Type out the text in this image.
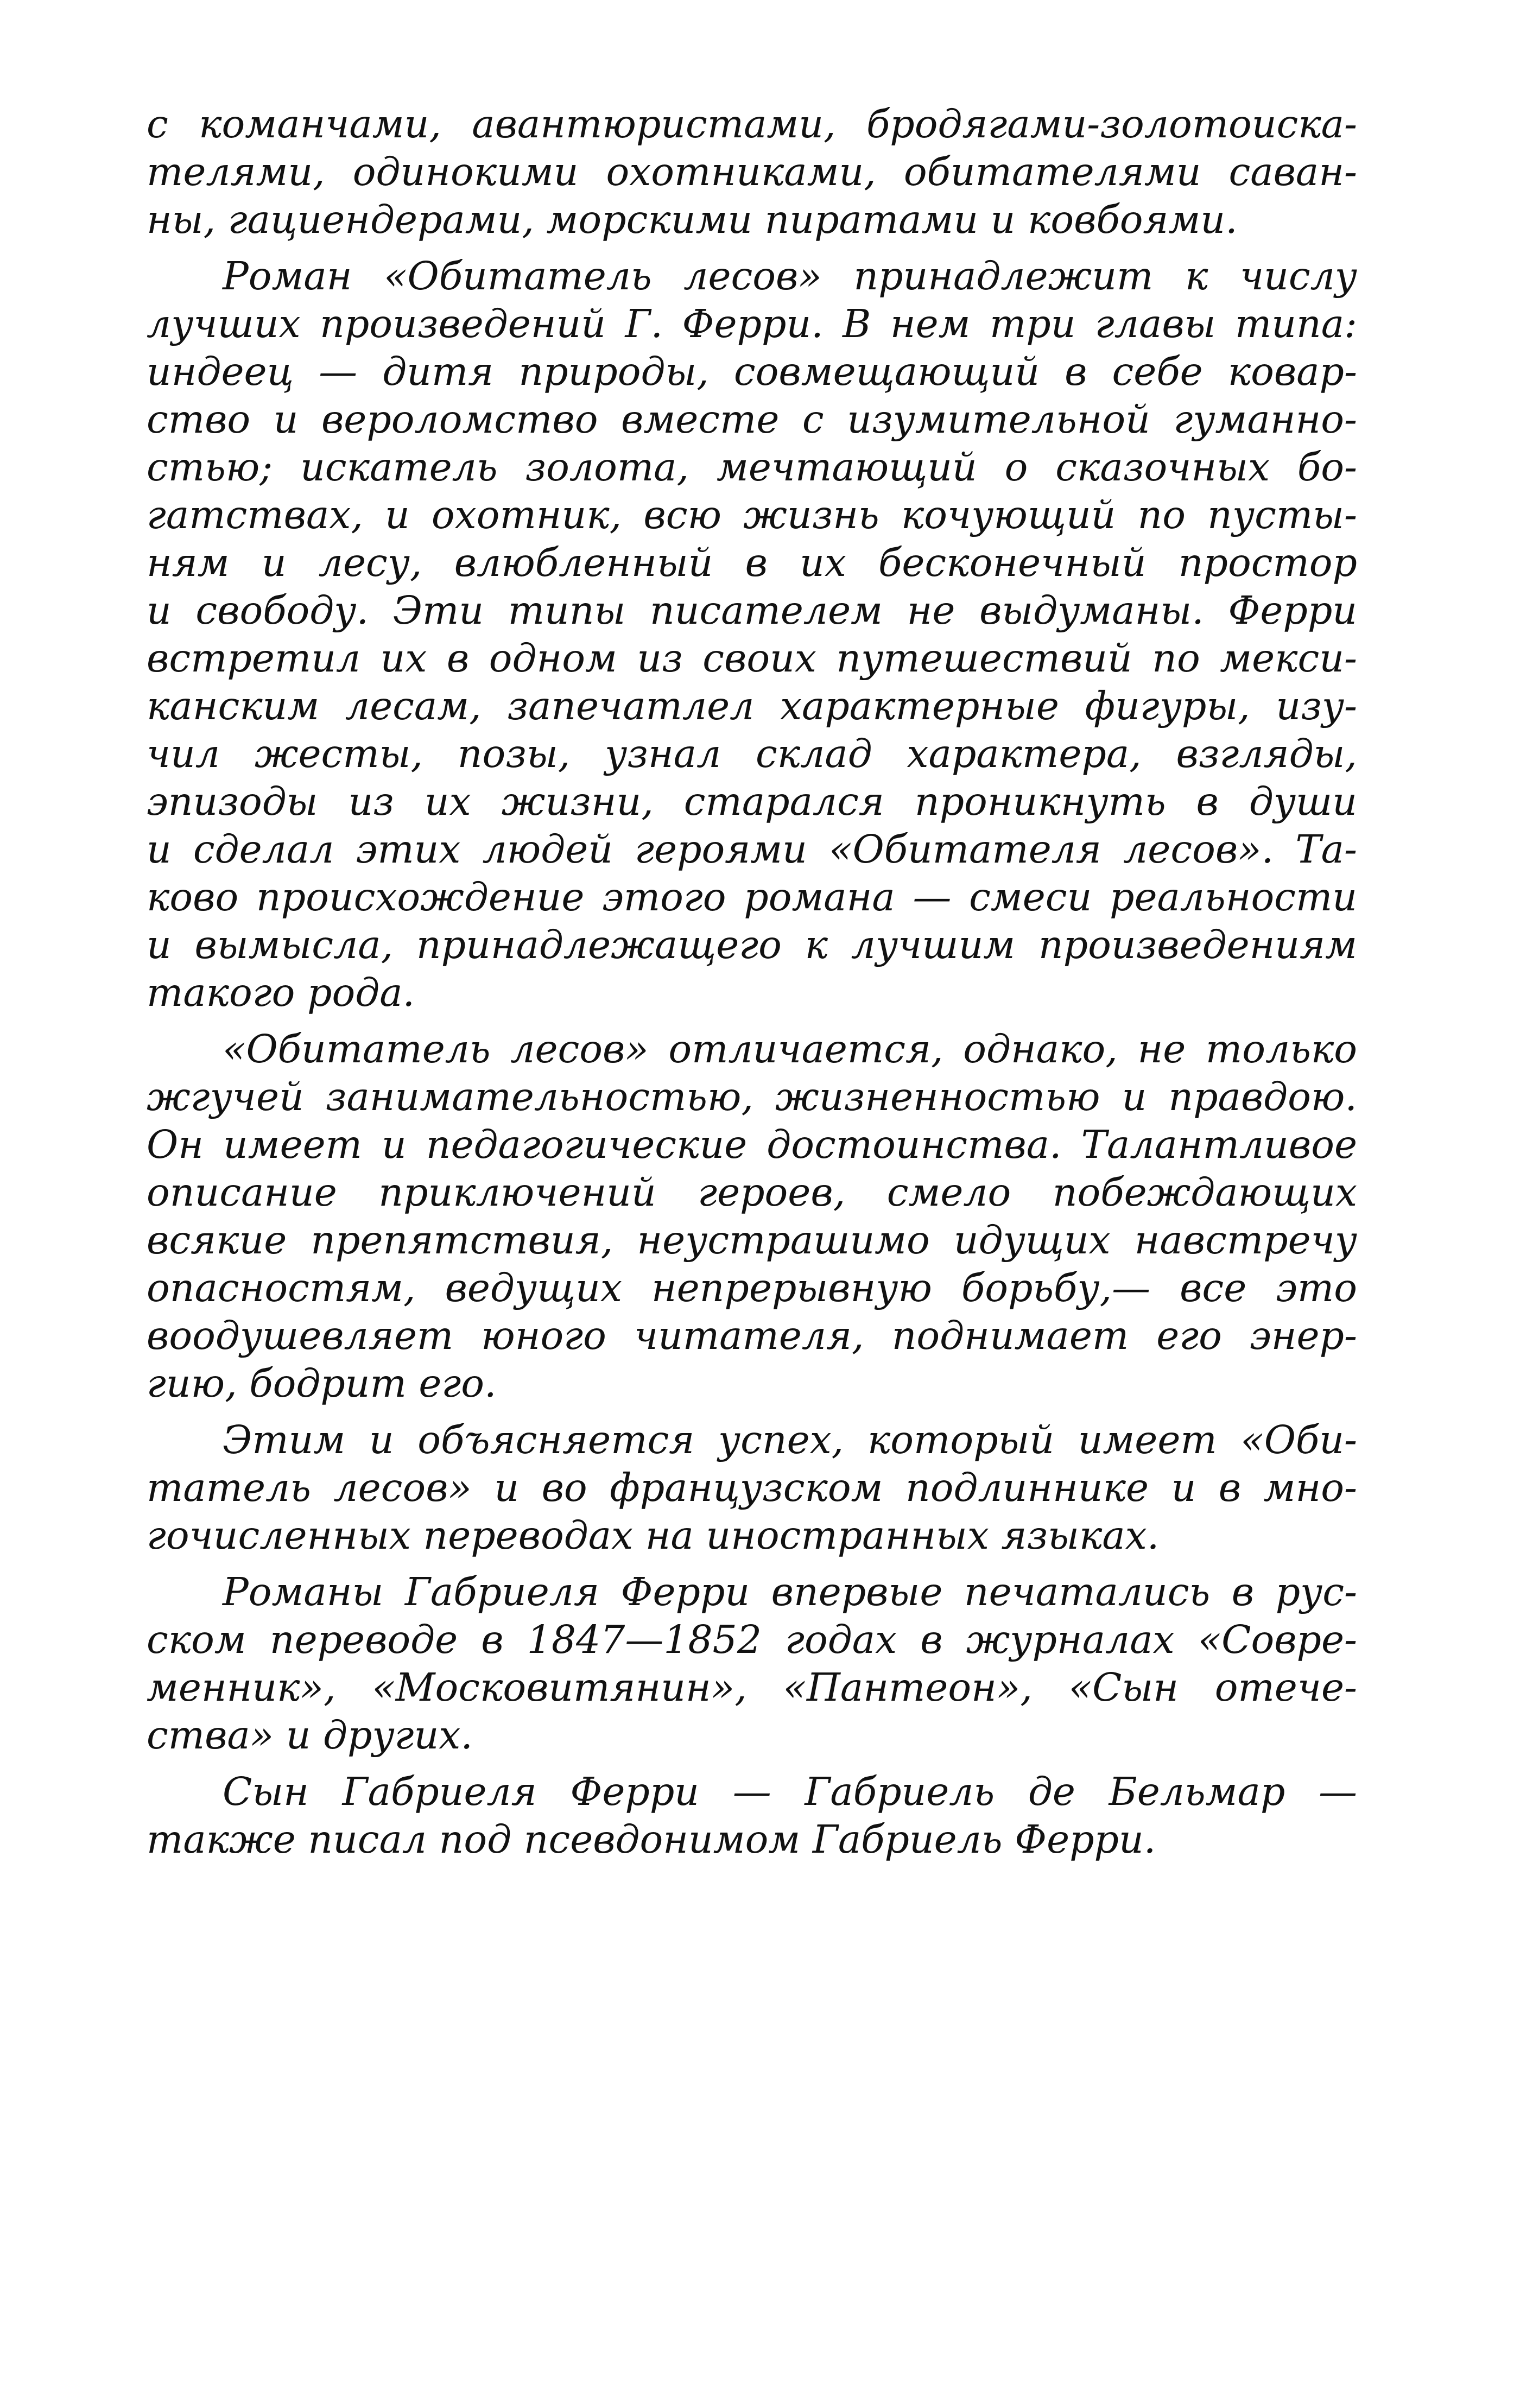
с команчами, авантюристами, бродягами-золотоиска-
телями, одинокими охотниками, обитателями саван-
ны, гациендерами, морскими пиратами и ковбоями.
Роман «Обитатель лесов» принадлежит к числу
лучших произведений Г. Ферри. В нем три главы типа:
индеец — дитя природы, совмещающий в себе ковар-
ство и вероломство вместе с изумительной гуманно-
стью; искатель золота, мечтающий о сказочных бо-
гатствах, и охотник, всю жизнь кочующий по пусты-
ням и лесу, влюбленный в их бесконечный простор
и свободу. Эти типы писателем не выдуманы. Ферри
встретил их в одном из своих путешествий по мекси-
канским лесам, запечатлел характерные фигуры, изу-
чил жесты, позы, узнал склад характера, взгляды,
эпизоды из их жизни, старался проникнуть в души
и сделал этих людей героями «Обитателя лесов». Та-
ково происхождение этого романа — смеси реальности
и вымысла, принадлежащего к лучшим произведениям
такого рода.
«Обитатель лесов» отличается, однако, не только
жгучей занимательностью, жизненностью и правдою.
Он имеет и педагогические достоинства. Талантливое
описание приключений героев, смело побеждающих
всякие препятствия, неустрашимо идущих навстречу
опасностям, ведущих непрерывную борьбу,— все это
воодушевляет юного читателя, поднимает его энер-
гию, бодрит его.
Этим и объясняется успех, который имеет «Оби-
татель лесов» и во французском подлиннике и в мно-
гочисленных переводах на иностранных языках.
Романы Габриеля Ферри впервые печатались в рус-
ском переводе в 1847—1852 годах в журналах «Совре-
менник», «Московитянин», «Пантеон», «Сын отече-
ства» и других.
Сын Габриеля Ферри — Габриель де Бельмар —
также писал под псевдонимом Габриель Ферри.
